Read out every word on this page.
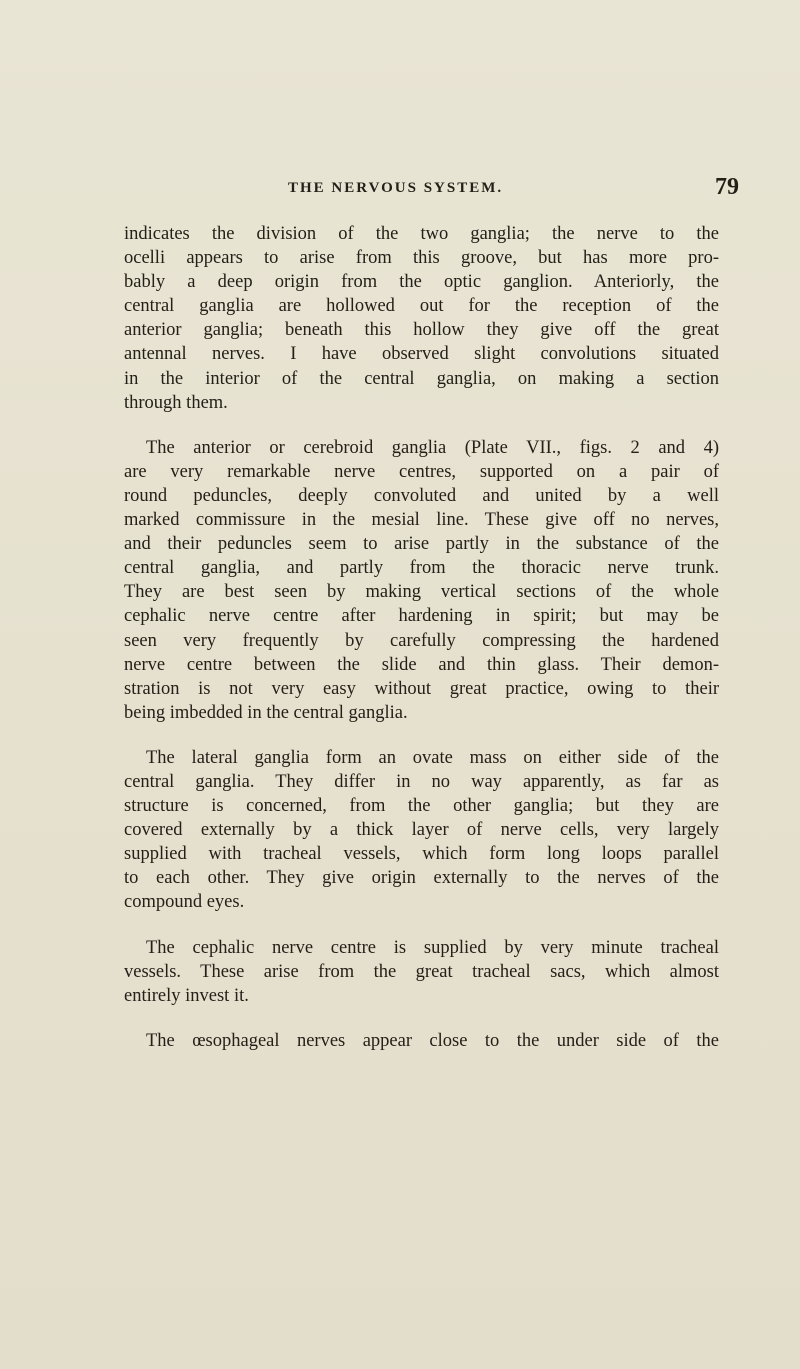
THE NERVOUS SYSTEM.	79

indicates the division of the two ganglia; the nerve to the
ocelli appears to arise from this groove, but has more pro-
bably a deep origin from the optic ganglion. Anteriorly, the
central ganglia are hollowed out for the reception of the
anterior ganglia; beneath this hollow they give off the great
antennal nerves. I have observed slight convolutions situated
in the interior of the central ganglia, on making a section
through them.

The anterior or cerebroid ganglia (Plate VII., figs. 2 and 4)
are very remarkable nerve centres, supported on a pair of
round peduncles, deeply convoluted and united by a well
marked commissure in the mesial line. These give off no nerves,
and their peduncles seem to arise partly in the substance of the
central ganglia, and partly from the thoracic nerve trunk.
They are best seen by making vertical sections of the whole
cephalic nerve centre after hardening in spirit; but may be
seen very frequently by carefully compressing the hardened
nerve centre between the slide and thin glass. Their demon-
stration is not very easy without great practice, owing to their
being imbedded in the central ganglia.

The lateral ganglia form an ovate mass on either side of the
central ganglia. They differ in no way apparently, as far as
structure is concerned, from the other ganglia; but they are
covered externally by a thick layer of nerve cells, very largely
supplied with tracheal vessels, which form long loops parallel
to each other. They give origin externally to the nerves of the
compound eyes.

The cephalic nerve centre is supplied by very minute tracheal
vessels. These arise from the great tracheal sacs, which almost
entirely invest it.

The œsophageal nerves appear close to the under side of the
